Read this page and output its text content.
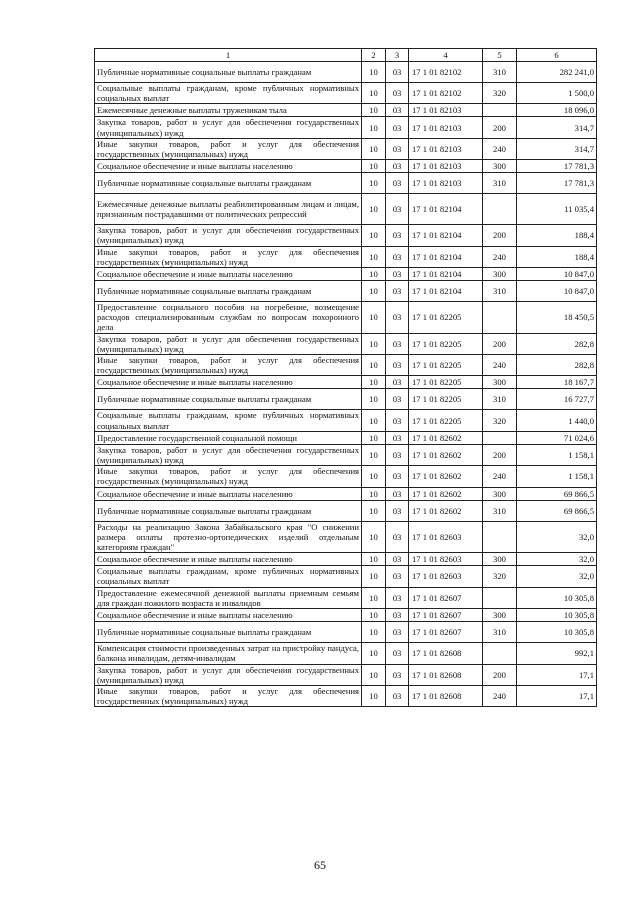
1	2	3	4	5	6
Публичные нормативные социальные выплаты гражданам	10	03	17 1 01 82102	310	282 241,0
Социальные выплаты гражданам, кроме публичных нормативных социальных выплат	10	03	17 1 01 82102	320	1 500,0
Ежемесячные денежные выплаты труженикам тыла	10	03	17 1 01 82103		18 096,0
Закупка товаров, работ и услуг для обеспечения государственных (муниципальных) нужд	10	03	17 1 01 82103	200	314,7
Иные закупки товаров, работ и услуг для обеспечения государственных (муниципальных) нужд	10	03	17 1 01 82103	240	314,7
Социальное обеспечение и иные выплаты населению	10	03	17 1 01 82103	300	17 781,3
Публичные нормативные социальные выплаты гражданам	10	03	17 1 01 82103	310	17 781,3
Ежемесячные денежные выплаты реабилитированным лицам и лицам, признанным пострадавшими от политических репрессий	10	03	17 1 01 82104		11 035,4
Закупка товаров, работ и услуг для обеспечения государственных (муниципальных) нужд	10	03	17 1 01 82104	200	188,4
Иные закупки товаров, работ и услуг для обеспечения государственных (муниципальных) нужд	10	03	17 1 01 82104	240	188,4
Социальное обеспечение и иные выплаты населению	10	03	17 1 01 82104	300	10 847,0
Публичные нормативные социальные выплаты гражданам	10	03	17 1 01 82104	310	10 847,0
Предоставление социального пособия на погребение, возмещение расходов специализированным службам по вопросам похоронного дела	10	03	17 1 01 82205		18 450,5
Закупка товаров, работ и услуг для обеспечения государственных (муниципальных) нужд	10	03	17 1 01 82205	200	282,8
Иные закупки товаров, работ и услуг для обеспечения государственных (муниципальных) нужд	10	03	17 1 01 82205	240	282,8
Социальное обеспечение и иные выплаты населению	10	03	17 1 01 82205	300	18 167,7
Публичные нормативные социальные выплаты гражданам	10	03	17 1 01 82205	310	16 727,7
Социальные выплаты гражданам, кроме публичных нормативных социальных выплат	10	03	17 1 01 82205	320	1 440,0
Предоставление государственной социальной помощи	10	03	17 1 01 82602		71 024,6
Закупка товаров, работ и услуг для обеспечения государственных (муниципальных) нужд	10	03	17 1 01 82602	200	1 158,1
Иные закупки товаров, работ и услуг для обеспечения государственных (муниципальных) нужд	10	03	17 1 01 82602	240	1 158,1
Социальное обеспечение и иные выплаты населению	10	03	17 1 01 82602	300	69 866,5
Публичные нормативные социальные выплаты гражданам	10	03	17 1 01 82602	310	69 866,5
Расходы на реализацию Закона Забайкальского края "О снижении размера оплаты протезно-ортопедических изделий отдельным категориям граждан"	10	03	17 1 01 82603		32,0
Социальное обеспечение и иные выплаты населению	10	03	17 1 01 82603	300	32,0
Социальные выплаты гражданам, кроме публичных нормативных социальных выплат	10	03	17 1 01 82603	320	32,0
Предоставление ежемесячной денежной выплаты приемным семьям для граждан пожилого возраста и инвалидов	10	03	17 1 01 82607		10 305,8
Социальное обеспечение и иные выплаты населению	10	03	17 1 01 82607	300	10 305,8
Публичные нормативные социальные выплаты гражданам	10	03	17 1 01 82607	310	10 305,8
Компенсация стоимости произведенных затрат на пристройку пандуса, балкона инвалидам, детям-инвалидам	10	03	17 1 01 82608		992,1
Закупка товаров, работ и услуг для обеспечения государственных (муниципальных) нужд	10	03	17 1 01 82608	200	17,1
Иные закупки товаров, работ и услуг для обеспечения государственных (муниципальных) нужд	10	03	17 1 01 82608	240	17,1
65
